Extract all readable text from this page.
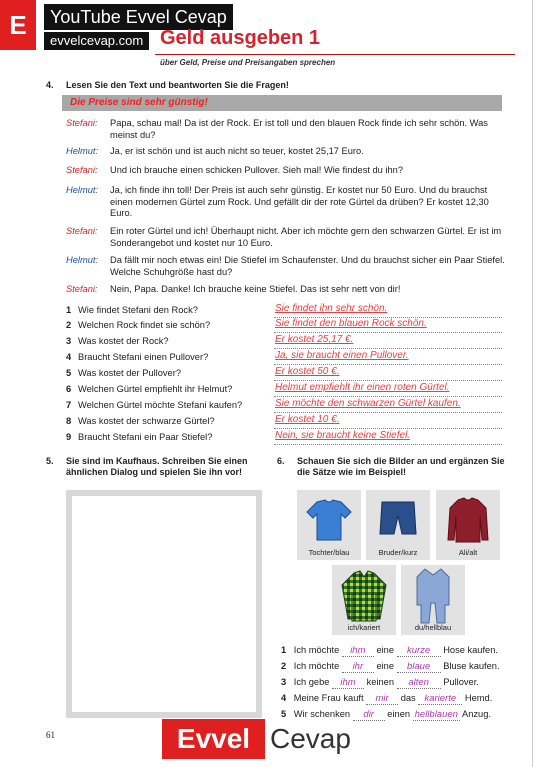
E	YouTube Evvel Cevap
evvelcevap.com Geld ausgeben 1
über Geld, Preise und Preisangaben sprechen
4. Lesen Sie den Text und beantworten Sie die Fragen!
Die Preise sind sehr günstig!
Stefani: Papa, schau mal! Da ist der Rock. Er ist toll und den blauen Rock finde ich sehr schön. Was meinst du?
Helmut: Ja, er ist schön und ist auch nicht so teuer, kostet 25,17 Euro.
Stefani: Und ich brauche einen schicken Pullover. Sieh mal! Wie findest du ihn?
Helmut: Ja, ich finde ihn toll! Der Preis ist auch sehr günstig. Er kostet nur 50 Euro. Und du brauchst einen modernen Gürtel zum Rock. Und gefällt dir der rote Gürtel da drüben? Er kostet 12,30 Euro.
Stefani: Ein roter Gürtel und ich! Überhaupt nicht. Aber ich möchte gern den schwarzen Gürtel. Er ist im Sonderangebot und kostet nur 10 Euro.
Helmut: Da fällt mir noch etwas ein! Die Stiefel im Schaufenster. Und du brauchst sicher ein Paar Stiefel. Welche Schuhgröße hast du?
Stefani: Nein, Papa. Danke! Ich brauche keine Stiefel. Das ist sehr nett von dir!
1 Wie findet Stefani den Rock?	Sie findet ihn sehr schön.
2 Welchen Rock findet sie schön?	Sie findet den blauen Rock schön.
3 Was kostet der Rock?	Er kostet 25,17 €.
4 Braucht Stefani einen Pullover?	Ja, sie braucht einen Pullover.
5 Was kostet der Pullover?	Er kostet 50 €.
6 Welchen Gürtel empfiehlt ihr Helmut?	Helmut empfiehlt ihr einen roten Gürtel.
7 Welchen Gürtel möchte Stefani kaufen?	Sie möchte den schwarzen Gürtel kaufen.
8 Was kostet der schwarze Gürtel?	Er kostet 10 €.
9 Braucht Stefani ein Paar Stiefel?	Nein, sie braucht keine Stiefel.
5. Sie sind im Kaufhaus. Schreiben Sie einen ähnlichen Dialog und spielen Sie ihn vor!
6. Schauen Sie sich die Bilder an und ergänzen Sie die Sätze wie im Beispiel!
Tochter/blau	Bruder/kurz	Ali/alt
ich/kariert	du/hellblau
1 Ich möchte ihm eine kurze Hose kaufen.
2 Ich möchte ihr eine blaue Bluse kaufen.
3 Ich gebe ihm keinen alten Pullover.
4 Meine Frau kauft mir das karierte Hemd.
5 Wir schenken dir einen hellblauen Anzug.
61	Evvel Cevap
